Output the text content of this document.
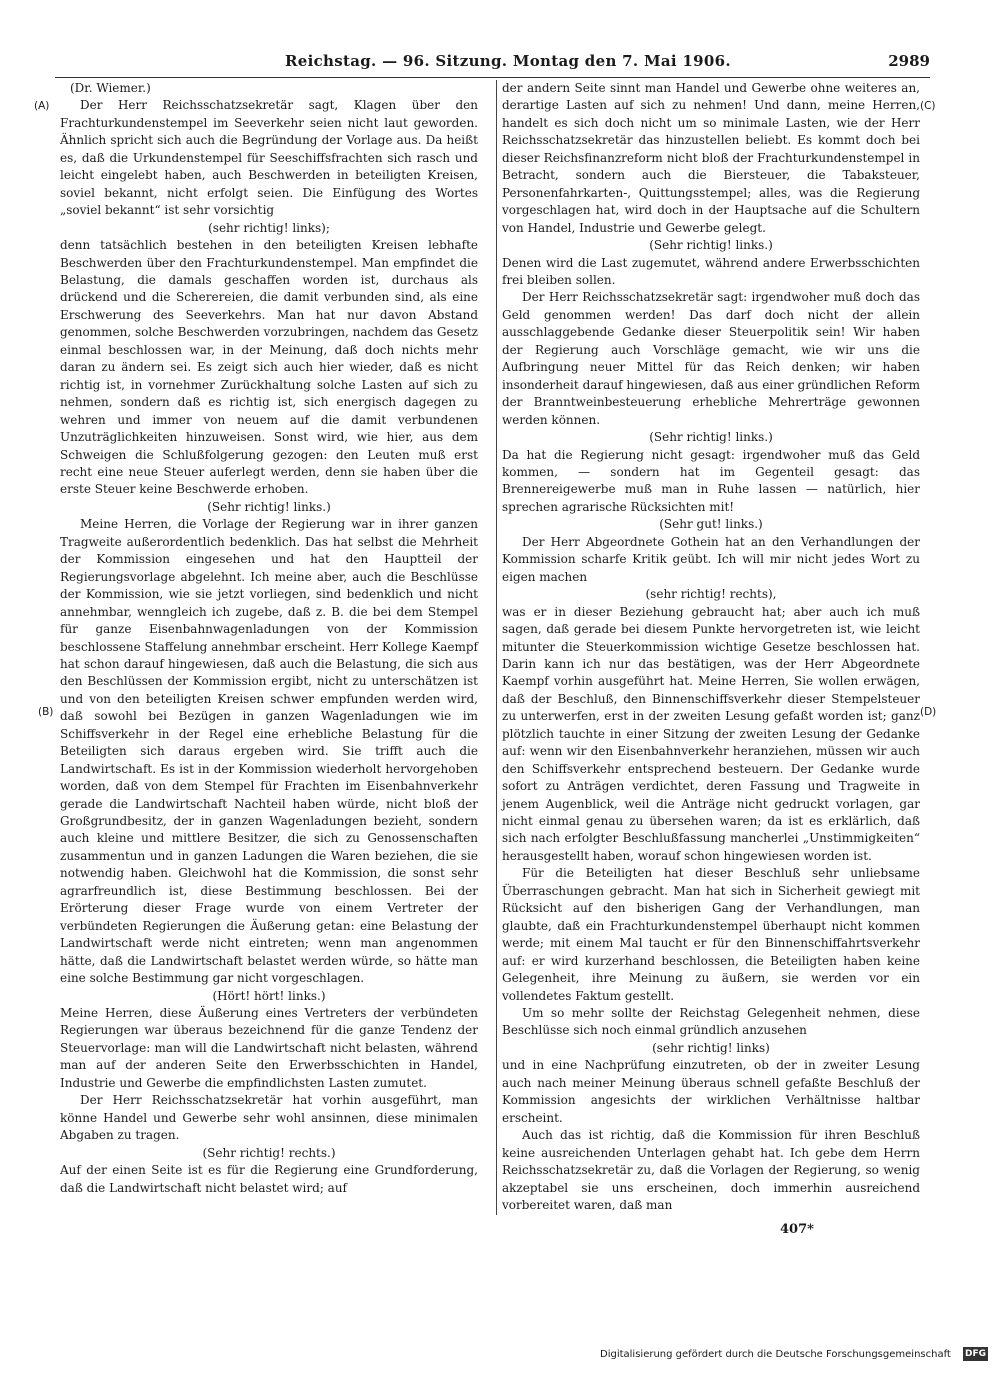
Reichstag. — 96. Sitzung. Montag den 7. Mai 1906.	2989
(A)
(B)
(C)
(D)

(Dr. Wiemer.)

Der Herr Reichsschatzsekretär sagt, Klagen über den Frachturkundenstempel im Seeverkehr seien nicht laut geworden. Ähnlich spricht sich auch die Begründung der Vorlage aus. Da heißt es, daß die Urkundenstempel für Seeschiffsfrachten sich rasch und leicht eingelebt haben, auch Beschwerden in beteiligten Kreisen, soviel bekannt, nicht erfolgt seien. Die Einfügung des Wortes „soviel bekannt“ ist sehr vorsichtig

(sehr richtig! links);

denn tatsächlich bestehen in den beteiligten Kreisen lebhafte Beschwerden über den Frachturkundenstempel. Man empfindet die Belastung, die damals geschaffen worden ist, durchaus als drückend und die Scherereien, die damit verbunden sind, als eine Erschwerung des Seeverkehrs. Man hat nur davon Abstand genommen, solche Beschwerden vorzubringen, nachdem das Gesetz einmal beschlossen war, in der Meinung, daß doch nichts mehr daran zu ändern sei. Es zeigt sich auch hier wieder, daß es nicht richtig ist, in vornehmer Zurückhaltung solche Lasten auf sich zu nehmen, sondern daß es richtig ist, sich energisch dagegen zu wehren und immer von neuem auf die damit verbundenen Unzuträglichkeiten hinzuweisen. Sonst wird, wie hier, aus dem Schweigen die Schlußfolgerung gezogen: den Leuten muß erst recht eine neue Steuer auferlegt werden, denn sie haben über die erste Steuer keine Beschwerde erhoben.

(Sehr richtig! links.)

Meine Herren, die Vorlage der Regierung war in ihrer ganzen Tragweite außerordentlich bedenklich. Das hat selbst die Mehrheit der Kommission eingesehen und hat den Hauptteil der Regierungsvorlage abgelehnt. Ich meine aber, auch die Beschlüsse der Kommission, wie sie jetzt vorliegen, sind bedenklich und nicht annehmbar, wenngleich ich zugebe, daß z. B. die bei dem Stempel für ganze Eisenbahnwagenladungen von der Kommission beschlossene Staffelung annehmbar erscheint. Herr Kollege Kaempf hat schon darauf hingewiesen, daß auch die Belastung, die sich aus den Beschlüssen der Kommission ergibt, nicht zu unterschätzen ist und von den beteiligten Kreisen schwer empfunden werden wird, daß sowohl bei Bezügen in ganzen Wagenladungen wie im Schiffsverkehr in der Regel eine erhebliche Belastung für die Beteiligten sich daraus ergeben wird. Sie trifft auch die Landwirtschaft. Es ist in der Kommission wiederholt hervorgehoben worden, daß von dem Stempel für Frachten im Eisenbahnverkehr gerade die Landwirtschaft Nachteil haben würde, nicht bloß der Großgrundbesitz, der in ganzen Wagenladungen bezieht, sondern auch kleine und mittlere Besitzer, die sich zu Genossenschaften zusammentun und in ganzen Ladungen die Waren beziehen, die sie notwendig haben. Gleichwohl hat die Kommission, die sonst sehr agrarfreundlich ist, diese Bestimmung beschlossen. Bei der Erörterung dieser Frage wurde von einem Vertreter der verbündeten Regierungen die Äußerung getan: eine Belastung der Landwirtschaft werde nicht eintreten; wenn man angenommen hätte, daß die Landwirtschaft belastet werden würde, so hätte man eine solche Bestimmung gar nicht vorgeschlagen.

(Hört! hört! links.)

Meine Herren, diese Äußerung eines Vertreters der verbündeten Regierungen war überaus bezeichnend für die ganze Tendenz der Steuervorlage: man will die Landwirtschaft nicht belasten, während man auf der anderen Seite den Erwerbsschichten in Handel, Industrie und Gewerbe die empfindlichsten Lasten zumutet.

Der Herr Reichsschatzsekretär hat vorhin ausgeführt, man könne Handel und Gewerbe sehr wohl ansinnen, diese minimalen Abgaben zu tragen.

(Sehr richtig! rechts.)

Auf der einen Seite ist es für die Regierung eine Grundforderung, daß die Landwirtschaft nicht belastet wird; auf

der andern Seite sinnt man Handel und Gewerbe ohne weiteres an, derartige Lasten auf sich zu nehmen! Und dann, meine Herren, handelt es sich doch nicht um so minimale Lasten, wie der Herr Reichsschatzsekretär das hinzustellen beliebt. Es kommt doch bei dieser Reichsfinanzreform nicht bloß der Frachturkundenstempel in Betracht, sondern auch die Biersteuer, die Tabaksteuer, Personenfahrkarten-, Quittungsstempel; alles, was die Regierung vorgeschlagen hat, wird doch in der Hauptsache auf die Schultern von Handel, Industrie und Gewerbe gelegt.

(Sehr richtig! links.)

Denen wird die Last zugemutet, während andere Erwerbsschichten frei bleiben sollen.

Der Herr Reichsschatzsekretär sagt: irgendwoher muß doch das Geld genommen werden! Das darf doch nicht der allein ausschlaggebende Gedanke dieser Steuerpolitik sein! Wir haben der Regierung auch Vorschläge gemacht, wie wir uns die Aufbringung neuer Mittel für das Reich denken; wir haben insonderheit darauf hingewiesen, daß aus einer gründlichen Reform der Branntweinbesteuerung erhebliche Mehrerträge gewonnen werden können.

(Sehr richtig! links.)

Da hat die Regierung nicht gesagt: irgendwoher muß das Geld kommen, — sondern hat im Gegenteil gesagt: das Brennereigewerbe muß man in Ruhe lassen — natürlich, hier sprechen agrarische Rücksichten mit!

(Sehr gut! links.)

Der Herr Abgeordnete Gothein hat an den Verhandlungen der Kommission scharfe Kritik geübt. Ich will mir nicht jedes Wort zu eigen machen

(sehr richtig! rechts),

was er in dieser Beziehung gebraucht hat; aber auch ich muß sagen, daß gerade bei diesem Punkte hervorgetreten ist, wie leicht mitunter die Steuerkommission wichtige Gesetze beschlossen hat. Darin kann ich nur das bestätigen, was der Herr Abgeordnete Kaempf vorhin ausgeführt hat. Meine Herren, Sie wollen erwägen, daß der Beschluß, den Binnenschiffsverkehr dieser Stempelsteuer zu unterwerfen, erst in der zweiten Lesung gefaßt worden ist; ganz plötzlich tauchte in einer Sitzung der zweiten Lesung der Gedanke auf: wenn wir den Eisenbahnverkehr heranziehen, müssen wir auch den Schiffsverkehr entsprechend besteuern. Der Gedanke wurde sofort zu Anträgen verdichtet, deren Fassung und Tragweite in jenem Augenblick, weil die Anträge nicht gedruckt vorlagen, gar nicht einmal genau zu übersehen waren; da ist es erklärlich, daß sich nach erfolgter Beschlußfassung mancherlei „Unstimmigkeiten“ herausgestellt haben, worauf schon hingewiesen worden ist.

Für die Beteiligten hat dieser Beschluß sehr unliebsame Überraschungen gebracht. Man hat sich in Sicherheit gewiegt mit Rücksicht auf den bisherigen Gang der Verhandlungen, man glaubte, daß ein Frachturkundenstempel überhaupt nicht kommen werde; mit einem Mal taucht er für den Binnenschiffahrtsverkehr auf: er wird kurzerhand beschlossen, die Beteiligten haben keine Gelegenheit, ihre Meinung zu äußern, sie werden vor ein vollendetes Faktum gestellt.

Um so mehr sollte der Reichstag Gelegenheit nehmen, diese Beschlüsse sich noch einmal gründlich anzusehen

(sehr richtig! links)

und in eine Nachprüfung einzutreten, ob der in zweiter Lesung auch nach meiner Meinung überaus schnell gefaßte Beschluß der Kommission angesichts der wirklichen Verhältnisse haltbar erscheint.

Auch das ist richtig, daß die Kommission für ihren Beschluß keine ausreichenden Unterlagen gehabt hat. Ich gebe dem Herrn Reichsschatzsekretär zu, daß die Vorlagen der Regierung, so wenig akzeptabel sie uns erscheinen, doch immerhin ausreichend vorbereitet waren, daß man

407*
Digitalisierung gefördert durch die Deutsche Forschungsgemeinschaft DFG
